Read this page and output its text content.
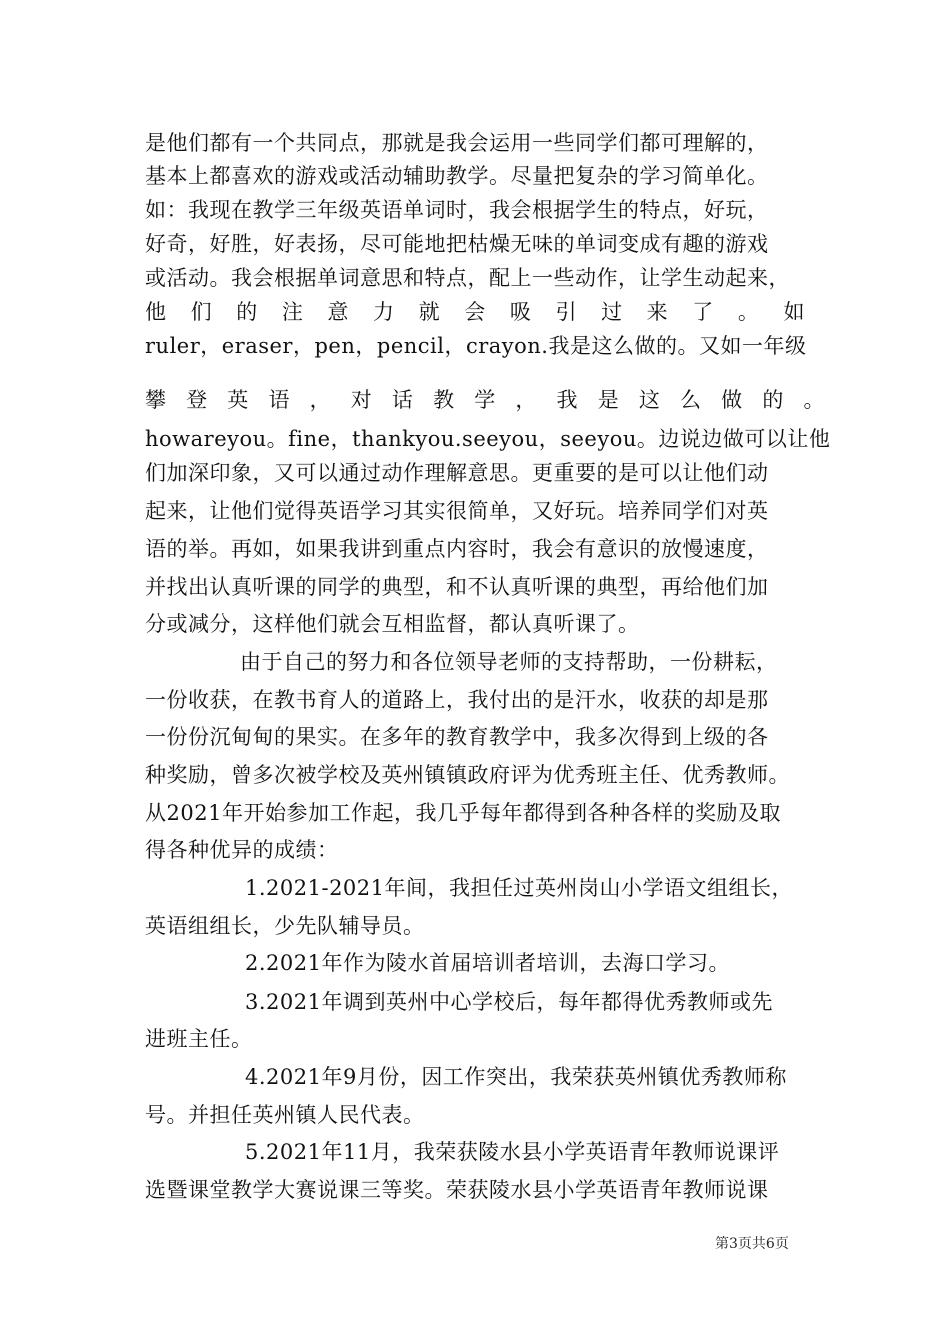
是他们都有一个共同点，那就是我会运用一些同学们都可理解的，
基本上都喜欢的游戏或活动辅助教学。尽量把复杂的学习简单化。
如：我现在教学三年级英语单词时，我会根据学生的特点，好玩，
好奇，好胜，好表扬，尽可能地把枯燥无味的单词变成有趣的游戏
或活动。我会根据单词意思和特点，配上一些动作，让学生动起来，
他们的注意力就会吸引过来了。如
ruler，eraser，pen，pencil，crayon.我是这么做的。又如一年级
攀登英语，对话教学，我是这么做的。
howareyou。fine，thankyou.seeyou，seeyou。边说边做可以让他
们加深印象，又可以通过动作理解意思。更重要的是可以让他们动
起来，让他们觉得英语学习其实很简单，又好玩。培养同学们对英
语的举。再如，如果我讲到重点内容时，我会有意识的放慢速度，
并找出认真听课的同学的典型，和不认真听课的典型，再给他们加
分或减分，这样他们就会互相监督，都认真听课了。
由于自己的努力和各位领导老师的支持帮助，一份耕耘，
一份收获，在教书育人的道路上，我付出的是汗水，收获的却是那
一份份沉甸甸的果实。在多年的教育教学中，我多次得到上级的各
种奖励，曾多次被学校及英州镇镇政府评为优秀班主任、优秀教师。
从2021年开始参加工作起，我几乎每年都得到各种各样的奖励及取
得各种优异的成绩：
1.2021-2021年间，我担任过英州岗山小学语文组组长，
英语组组长，少先队辅导员。
2.2021年作为陵水首届培训者培训，去海口学习。
3.2021年调到英州中心学校后，每年都得优秀教师或先
进班主任。
4.2021年9月份，因工作突出，我荣获英州镇优秀教师称
号。并担任英州镇人民代表。
5.2021年11月，我荣获陵水县小学英语青年教师说课评
选暨课堂教学大赛说课三等奖。荣获陵水县小学英语青年教师说课
第3页共6页
